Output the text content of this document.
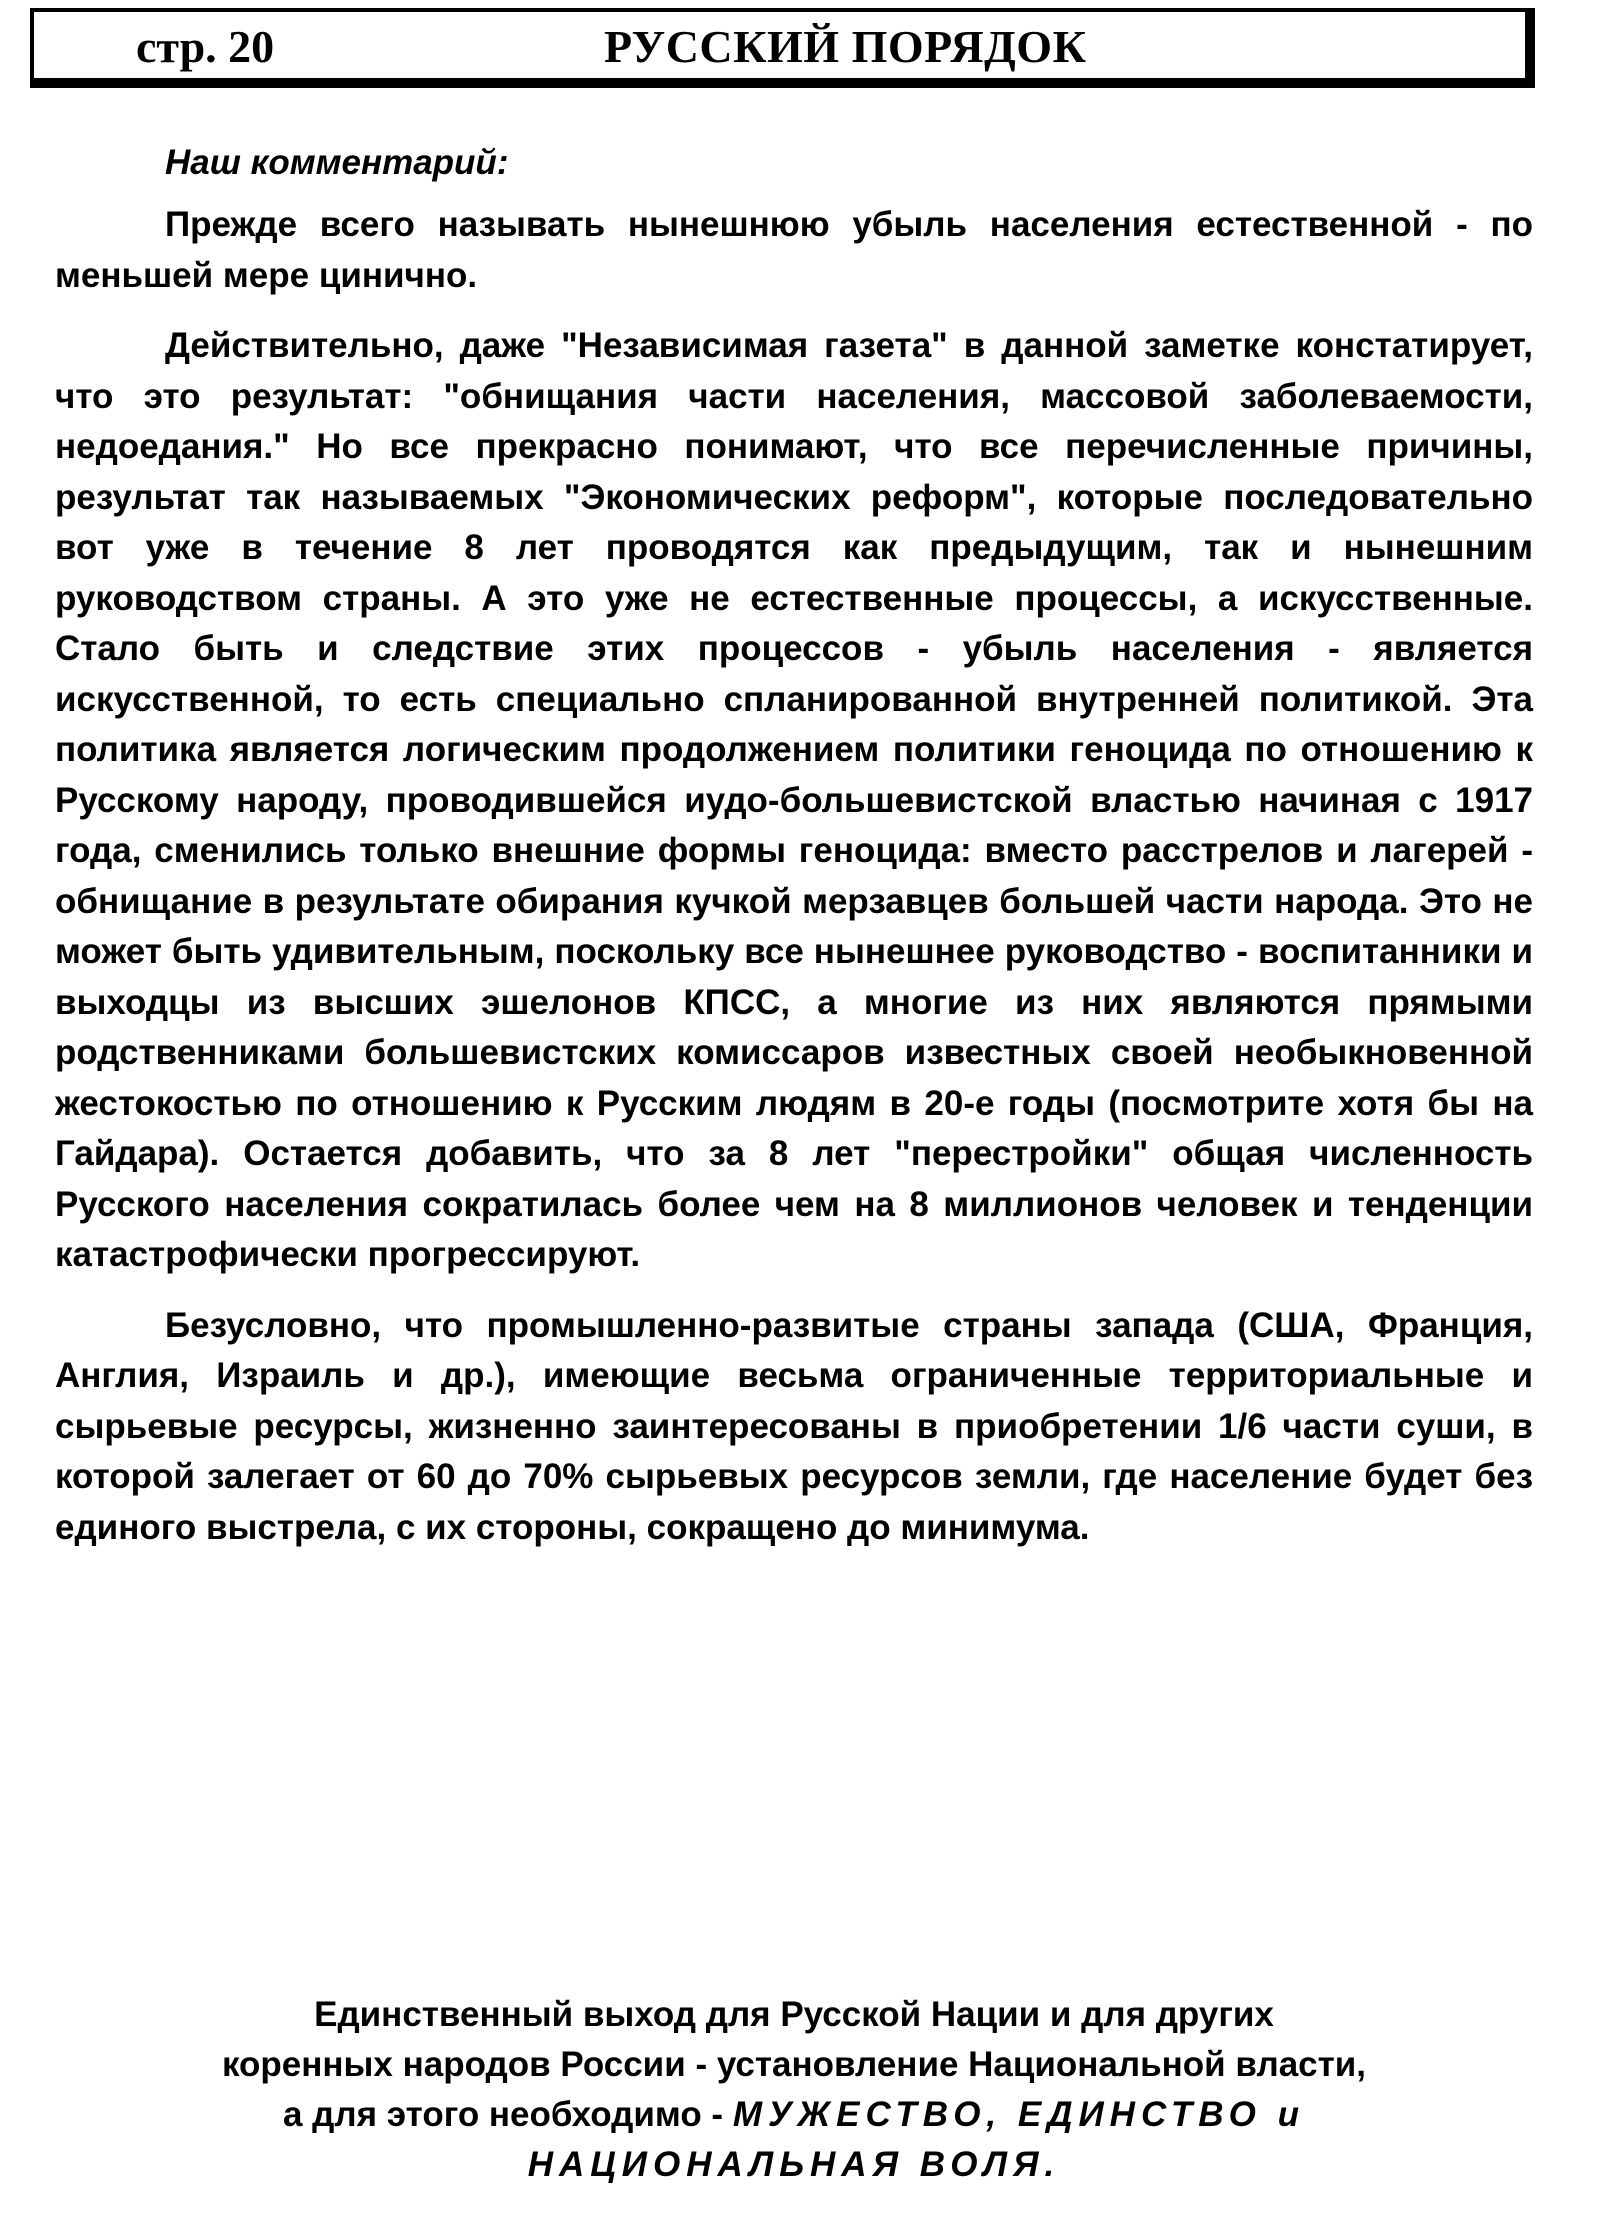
стр. 20	РУССКИЙ ПОРЯДОК
Наш комментарий:

Прежде всего называть нынешнюю убыль населения естественной - по меньшей мере цинично.

Действительно, даже "Независимая газета" в данной заметке констатирует, что это результат: "обнищания части населения, массовой заболеваемости, недоедания." Но все прекрасно понимают, что все перечисленные причины, результат так называемых "Экономических реформ", которые последовательно вот уже в течение 8 лет проводятся как предыдущим, так и нынешним руководством страны. А это уже не естественные процессы, а искусственные. Стало быть и следствие этих процессов - убыль населения - является искусственной, то есть специально спланированной внутренней политикой. Эта политика является логическим продолжением политики геноцида по отношению к Русскому народу, проводившейся иудо-большевистской властью начиная с 1917 года, сменились только внешние формы геноцида: вместо расстрелов и лагерей - обнищание в результате обирания кучкой мерзавцев большей части народа. Это не может быть удивительным, поскольку все нынешнее руководство - воспитанники и выходцы из высших эшелонов КПСС, а многие из них являются прямыми родственниками большевистских комиссаров известных своей необыкновенной жестокостью по отношению к Русским людям в 20-е годы (посмотрите хотя бы на Гайдара). Остается добавить, что за 8 лет "перестройки" общая численность Русского населения сократилась более чем на 8 миллионов человек и тенденции катастрофически прогрессируют.

Безусловно, что промышленно-развитые страны запада (США, Франция, Англия, Израиль и др.), имеющие весьма ограниченные территориальные и сырьевые ресурсы, жизненно заинтересованы в приобретении 1/6 части суши, в которой залегает от 60 до 70% сырьевых ресурсов земли, где население будет без единого выстрела, с их стороны, сокращено до минимума.

Единственный выход для Русской Нации и для других
коренных народов России - установление Национальной власти,
а для этого необходимо - МУЖЕСТВО, ЕДИНСТВО и
НАЦИОНАЛЬНАЯ ВОЛЯ.
